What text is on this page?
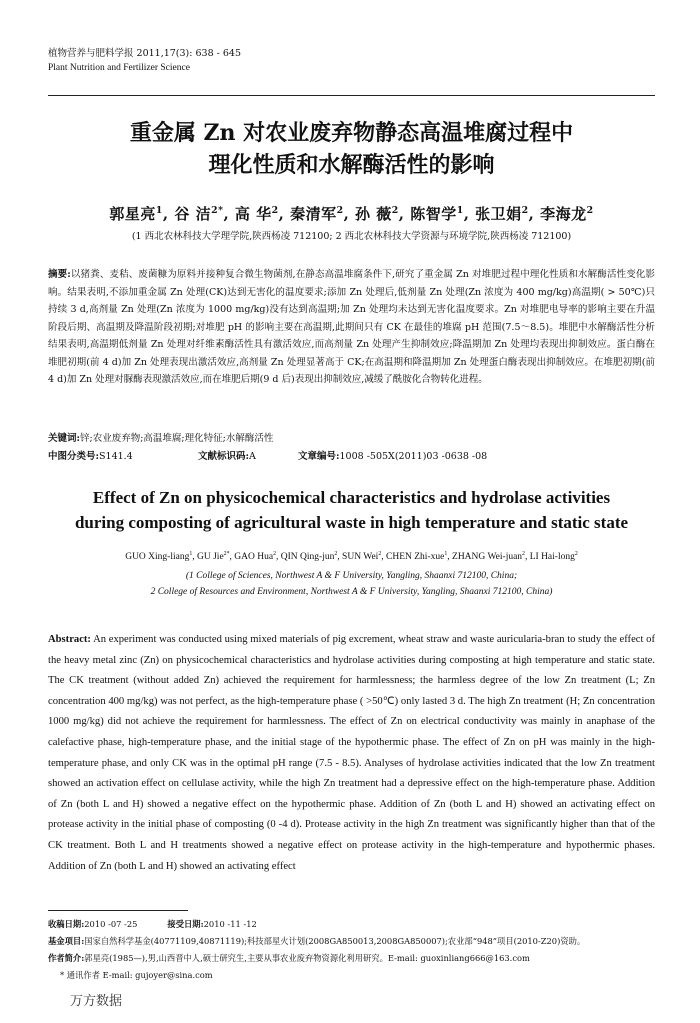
植物营养与肥料学报 2011,17(3): 638 - 645
Plant Nutrition and Fertilizer Science
重金属 Zn 对农业废弃物静态高温堆腐过程中
理化性质和水解酶活性的影响
郭星亮$^1$, 谷 洁$^{2*}$, 高 华$^2$, 秦清军$^2$, 孙 薇$^2$, 陈智学$^1$, 张卫娟$^2$, 李海龙$^2$
(1 西北农林科技大学理学院,陕西杨凌 712100; 2 西北农林科技大学资源与环境学院,陕西杨凌 712100)
摘要:以猪粪、麦秸、废菌糠为原料并接种复合微生物菌剂,在静态高温堆腐条件下,研究了重金属 Zn 对堆肥过程中理化性质和水解酶活性变化影响。结果表明,不添加重金属 Zn 处理(CK)达到无害化的温度要求;添加 Zn 处理后,低剂量 Zn 处理(Zn 浓度为 400 mg/kg)高温期( > 50℃)只持续 3 d,高剂量 Zn 处理(Zn 浓度为 1000 mg/kg)没有达到高温期;加 Zn 处理均未达到无害化温度要求。Zn 对堆肥电导率的影响主要在升温阶段后期、高温期及降温阶段初期;对堆肥 pH 的影响主要在高温期,此期间只有 CK 在最佳的堆腐 pH 范围(7.5～8.5)。堆肥中水解酶活性分析结果表明,高温期低剂量 Zn 处理对纤维素酶活性具有激活效应,而高剂量 Zn 处理产生抑制效应;降温期加 Zn 处理均表现出抑制效应。蛋白酶在堆肥初期(前 4 d)加 Zn 处理表现出激活效应,高剂量 Zn 处理显著高于 CK;在高温期和降温期加 Zn 处理蛋白酶表现出抑制效应。在堆肥初期(前 4 d)加 Zn 处理对脲酶表现激活效应,而在堆肥后期(9 d 后)表现出抑制效应,减缓了酰胺化合物转化进程。
关键词:锌;农业废弃物;高温堆腐;理化特征;水解酶活性
中图分类号:S141.4	文献标识码:A	文章编号:1008 -505X(2011)03 -0638 -08
Effect of Zn on physicochemical characteristics and hydrolase activities
during composting of agricultural waste in high temperature and static state
GUO Xing-liang$^1$, GU Jie$^{2*}$, GAO Hua$^2$, QIN Qing-jun$^2$, SUN Wei$^2$, CHEN Zhi-xue$^1$, ZHANG Wei-juan$^2$, LI Hai-long$^2$
(1 College of Sciences, Northwest A & F University, Yangling, Shaanxi 712100, China;
2 College of Resources and Environment, Northwest A & F University, Yangling, Shaanxi 712100, China)
Abstract: An experiment was conducted using mixed materials of pig excrement, wheat straw and waste auricularia-bran to study the effect of the heavy metal zinc (Zn) on physicochemical characteristics and hydrolase activities during composting at high temperature and static state. The CK treatment (without added Zn) achieved the requirement for harmlessness; the harmless degree of the low Zn treatment (L; Zn concentration 400 mg/kg) was not perfect, as the high-temperature phase ( >50℃) only lasted 3 d. The high Zn treatment (H; Zn concentration 1000 mg/kg) did not achieve the requirement for harmlessness. The effect of Zn on electrical conductivity was mainly in anaphase of the calefactive phase, high-temperature phase, and the initial stage of the hypothermic phase. The effect of Zn on pH was mainly in the high-temperature phase, and only CK was in the optimal pH range (7.5 - 8.5). Analyses of hydrolase activities indicated that the low Zn treatment showed an activation effect on cellulase activity, while the high Zn treatment had a depressive effect on the high-temperature phase. Addition of Zn (both L and H) showed a negative effect on the hypothermic phase. Addition of Zn (both L and H) showed an activating effect on protease activity in the initial phase of composting (0 -4 d). Protease activity in the high Zn treatment was significantly higher than that of the CK treatment. Both L and H treatments showed a negative effect on protease activity in the high-temperature and hypothermic phases. Addition of Zn (both L and H) showed an activating effect
收稿日期:2010 -07 -25	接受日期:2010 -11 -12
基金项目:国家自然科学基金(40771109,40871119);科技部星火计划(2008GA850013,2008GA850007);农业部“948”项目(2010-Z20)资助。
作者简介:郭星亮(1985—),男,山西晋中人,硕士研究生,主要从事农业废弃物资源化利用研究。E-mail: guoxinliang666@163.com
* 通讯作者 E-mail: gujoyer@sina.com
万方数据
